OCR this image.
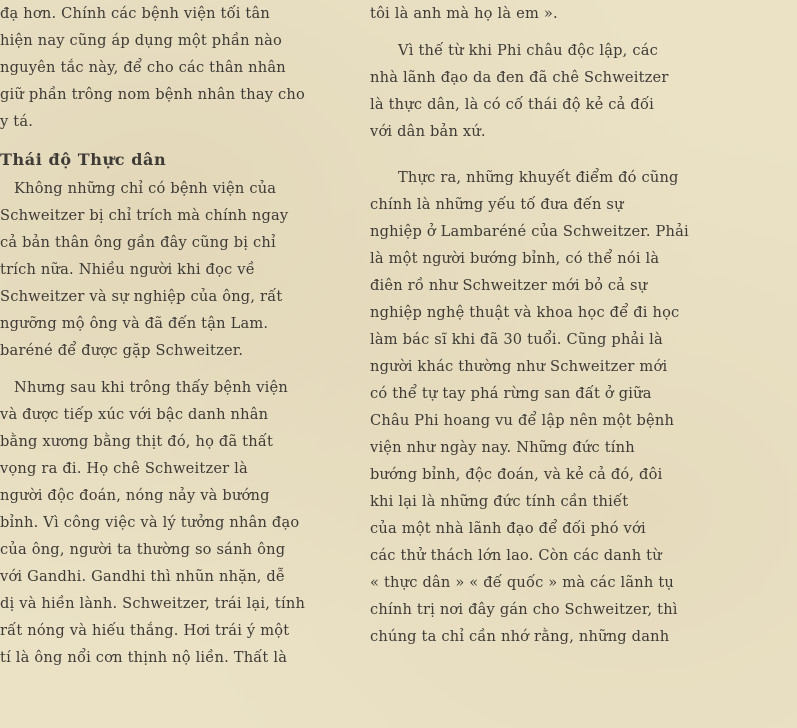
đạ hơn. Chính các bệnh viện tối tân
hiện nay cũng áp dụng một phần nào
nguyên tắc này, để cho các thân nhân
giữ phần trông nom bệnh nhân thay cho
y tá.
Thái độ Thực dân
Không những chỉ có bệnh viện của
Schweitzer bị chỉ trích mà chính ngay
cả bản thân ông gần đây cũng bị chỉ
trích nữa. Nhiều người khi đọc về
Schweitzer và sự nghiệp của ông, rất
ngưỡng mộ ông và đã đến tận Lam.
baréné để được gặp Schweitzer.
Nhưng sau khi trông thấy bệnh viện
và được tiếp xúc với bậc danh nhân
bằng xương bằng thịt đó, họ đã thất
vọng ra đi. Họ chê Schweitzer là
người độc đoán, nóng nảy và bướng
bỉnh. Vì công việc và lý tưởng nhân đạo
của ông, người ta thường so sánh ông
với Gandhi. Gandhi thì nhũn nhặn, dễ
dị và hiền lành. Schweitzer, trái lại, tính
rất nóng và hiếu thắng. Hơi trái ý một
tí là ông nổi cơn thịnh nộ liền. Thất là
tôi là anh mà họ là em ».
Vì thế từ khi Phi châu độc lập, các
nhà lãnh đạo da đen đã chê Schweitzer
là thực dân, là có cố thái độ kẻ cả đối
với dân bản xứ.
Thực ra, những khuyết điểm đó cũng
chính là những yếu tố đưa đến sự
nghiệp ở Lambaréné của Schweitzer. Phải
là một người bướng bỉnh, có thể nói là
điên rồ như Schweitzer mới bỏ cả sự
nghiệp nghệ thuật và khoa học để đi học
làm bác sĩ khi đã 30 tuổi. Cũng phải là
người khác thường như Schweitzer mới
có thể tự tay phá rừng san đất ở giữa
Châu Phi hoang vu để lập nên một bệnh
viện như ngày nay. Những đức tính
bướng bỉnh, độc đoán, và kẻ cả đó, đôi
khi lại là những đức tính cần thiết
của một nhà lãnh đạo để đối phó với
các thử thách lớn lao. Còn các danh từ
« thực dân » « đế quốc » mà các lãnh tụ
chính trị nơi đây gán cho Schweitzer, thì
chúng ta chỉ cần nhớ rằng, những danh
